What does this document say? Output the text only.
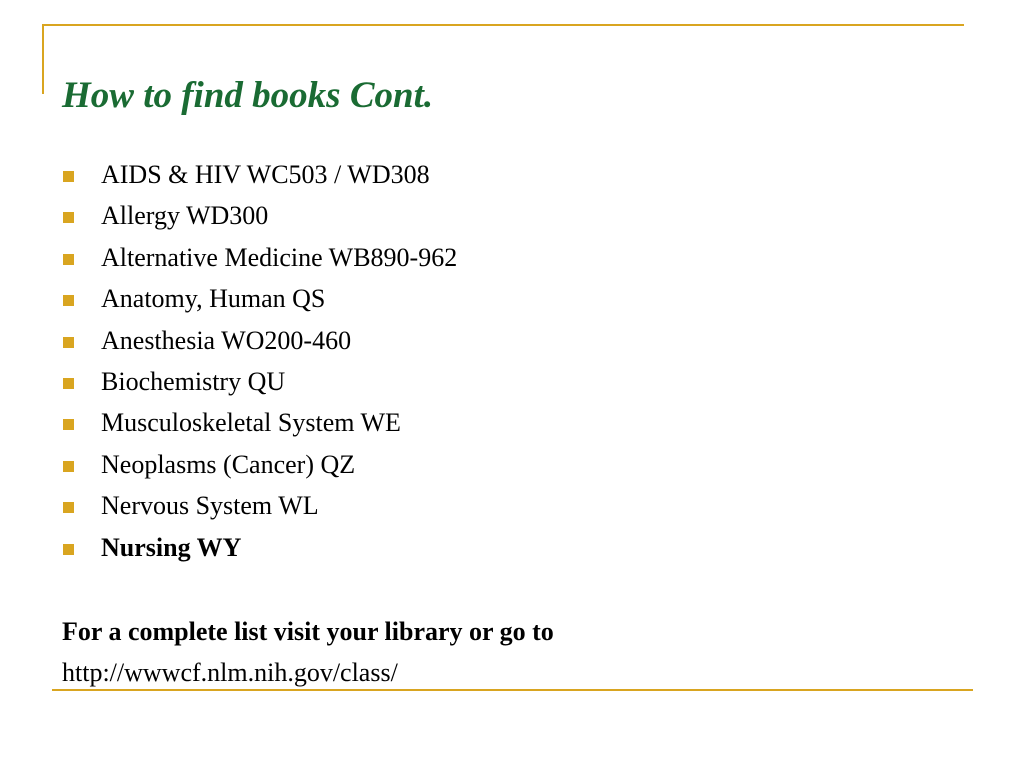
How to find books Cont.
AIDS & HIV WC503 / WD308
Allergy WD300
Alternative Medicine WB890-962
Anatomy, Human QS
Anesthesia WO200-460
Biochemistry QU
Musculoskeletal System WE
Neoplasms (Cancer) QZ
Nervous System WL
Nursing WY
For a complete list visit your library or go to
http://wwwcf.nlm.nih.gov/class/
